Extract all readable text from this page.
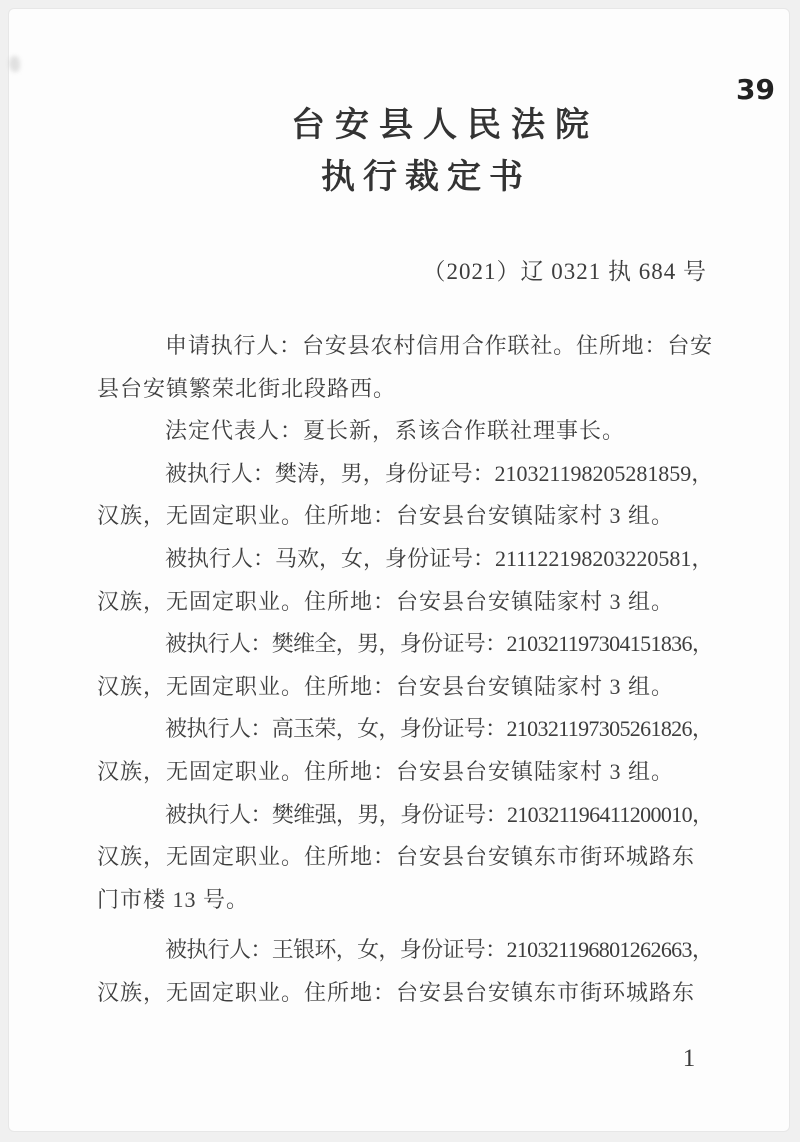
39
台安县人民法院
执行裁定书
（2021）辽 0321 执 684 号

申请执行人：台安县农村信用合作联社。住所地：台安
县台安镇繁荣北街北段路西。

法定代表人：夏长新，系该合作联社理事长。

被执行人：樊涛，男，身份证号：210321198205281859，
汉族，无固定职业。住所地：台安县台安镇陆家村 3 组。

被执行人：马欢，女，身份证号：211122198203220581，
汉族，无固定职业。住所地：台安县台安镇陆家村 3 组。

被执行人：樊维全，男，身份证号：210321197304151836，
汉族，无固定职业。住所地：台安县台安镇陆家村 3 组。

被执行人：高玉荣，女，身份证号：210321197305261826，
汉族，无固定职业。住所地：台安县台安镇陆家村 3 组。

被执行人：樊维强，男，身份证号：210321196411200010，
汉族，无固定职业。住所地：台安县台安镇东市街环城路东
门市楼 13 号。

被执行人：王银环，女，身份证号：210321196801262663，
汉族，无固定职业。住所地：台安县台安镇东市街环城路东

1
